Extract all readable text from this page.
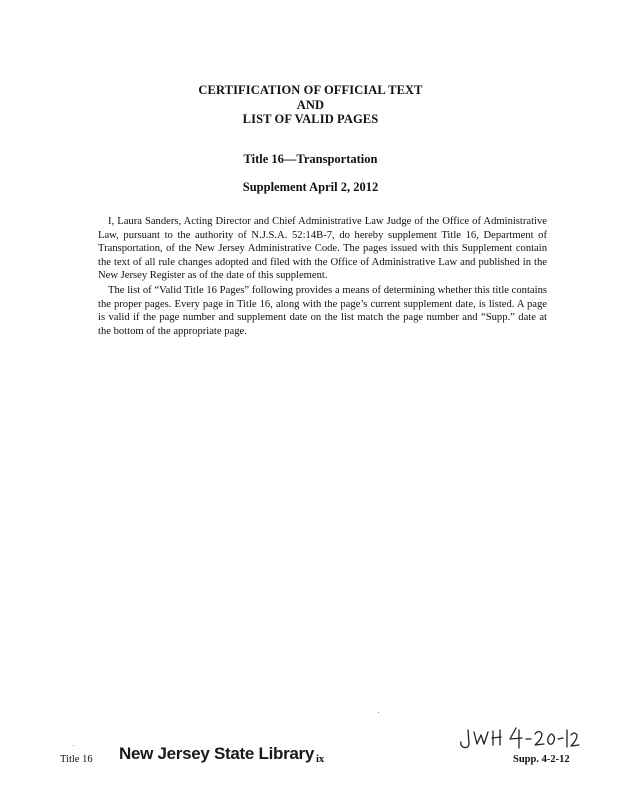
CERTIFICATION OF OFFICIAL TEXT
AND
LIST OF VALID PAGES
Title 16—Transportation
Supplement April 2, 2012
I, Laura Sanders, Acting Director and Chief Administrative Law Judge of the Office of Administrative Law, pursuant to the authority of N.J.S.A. 52:14B-7, do hereby supplement Title 16, Department of Transportation, of the New Jersey Administrative Code. The pages issued with this Supplement contain the text of all rule changes adopted and filed with the Office of Administrative Law and published in the New Jersey Register as of the date of this supplement.
The list of “Valid Title 16 Pages” following provides a means of determining whether this title contains the proper pages. Every page in Title 16, along with the page’s current supplement date, is listed. A page is valid if the page number and supplement date on the list match the page number and “Supp.” date at the bottom of the appropriate page.
Title 16 New Jersey State Library ix	Supp. 4-2-12
